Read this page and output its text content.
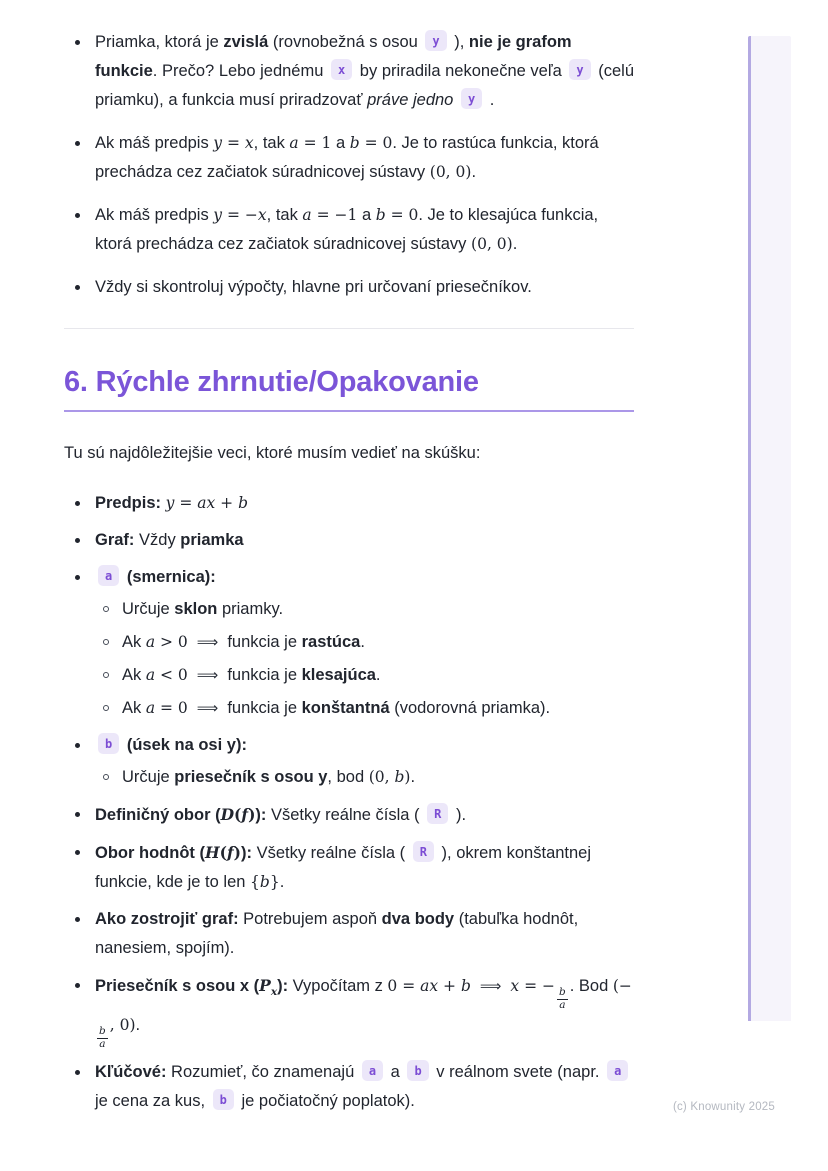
Priamka, ktorá je zvislá (rovnobežná s osou y ), nie je grafom funkcie. Prečo? Lebo jednému x by priradila nekonečne veľa y (celú priamku), a funkcia musí priradzovať práve jedno y .
Ak máš predpis y = x, tak a = 1 a b = 0. Je to rastúca funkcia, ktorá prechádza cez začiatok súradnicovej sústavy (0, 0).
Ak máš predpis y = −x, tak a = −1 a b = 0. Je to klesajúca funkcia, ktorá prechádza cez začiatok súradnicovej sústavy (0, 0).
Vždy si skontroluj výpočty, hlavne pri určovaní priesečníkov.
6. Rýchle zhrnutie/Opakovanie

Tu sú najdôležitejšie veci, ktoré musím vedieť na skúšku:

Predpis: y = ax + b
Graf: Vždy priamka
a (smernica):
Určuje sklon priamky.
Ak a > 0 ⟹ funkcia je rastúca.
Ak a < 0 ⟹ funkcia je klesajúca.
Ak a = 0 ⟹ funkcia je konštantná (vodorovná priamka).
b (úsek na osi y):
Určuje priesečník s osou y, bod (0, b).
Definičný obor (D(f)): Všetky reálne čísla ( R ).
Obor hodnôt (H(f)): Všetky reálne čísla ( R ), okrem konštantnej funkcie, kde je to len {b}.
Ako zostrojiť graf: Potrebujem aspoň dva body (tabuľka hodnôt, nanesiem, spojím).
Priesečník s osou x $(P_x)$: Vypočítam z 0 = ax + b ⟹ x = −
$\frac{b}{a}$
. Bod (−
$\frac{b}{a}$
, 0).
Kľúčové: Rozumieť, čo znamenajú a a b v reálnom svete (napr. a je cena za kus, b je počiatočný poplatok).	(c) Knowunity 2025
